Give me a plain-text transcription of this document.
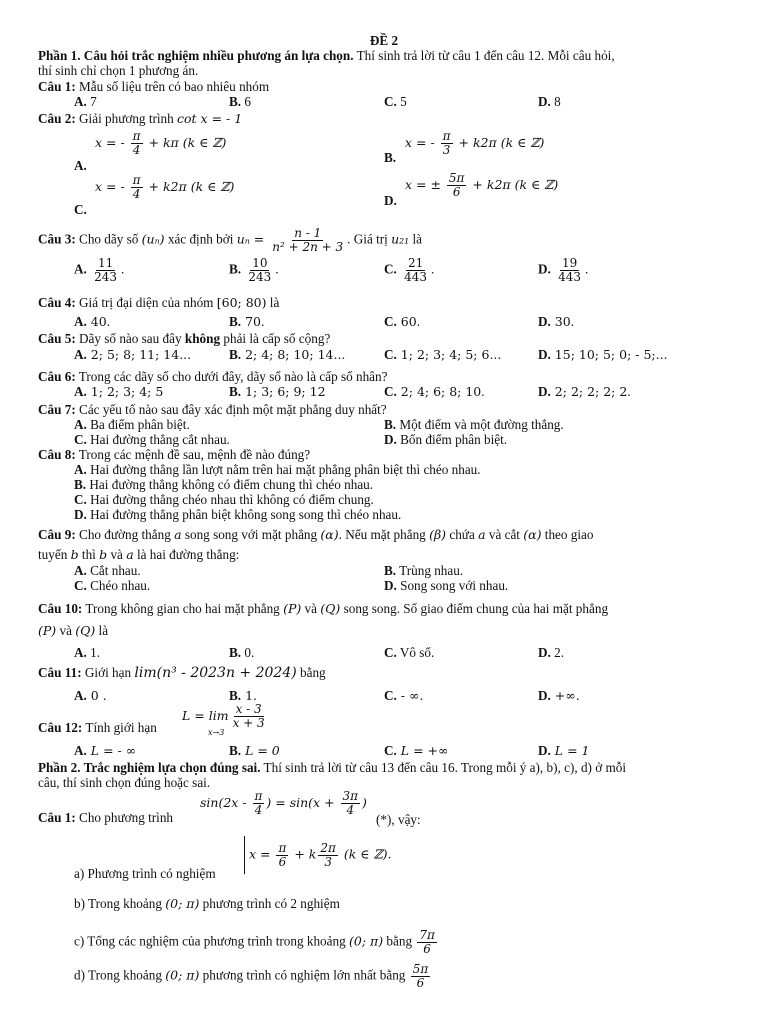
ĐỀ 2
Phần 1. Câu hỏi trắc nghiệm nhiều phương án lựa chọn. Thí sinh trả lời từ câu 1 đến câu 12. Mỗi câu hỏi,
thí sinh chỉ chọn 1 phương án.
Câu 1: Mẫu số liệu trên có bao nhiêu nhóm
A. 7	B. 6	C. 5	D. 8
Câu 2: Giải phương trình cot x = - 1
x = - $\frac{\pi}{4} + k\pi$ (k ∈ ℤ)
A.
x = - $\frac{\pi}{3} + k2\pi$ (k ∈ ℤ)
B.
x = - $\frac{\pi}{4} + k2\pi$ (k ∈ ℤ)
C.
x = ± $\frac{5\pi}{6} + k2\pi$ (k ∈ ℤ)
D.
Câu 3: Cho dãy số (uₙ) xác định bởi $u_n = \frac{n - 1}{\text{n² + 2n + 3}}$ . Giá trị u₂₁ là
A. $\frac{11}{243}$ .	B. $\frac{10}{243}$ .	C. $\frac{21}{443}$ .	D. $\frac{19}{443}$ .
Câu 4: Giá trị đại diện của nhóm [60; 80) là
A. 40.	B. 70.	C. 60.	D. 30.
Câu 5: Dãy số nào sau đây không phải là cấp số cộng?
A. 2; 5; 8; 11; 14...	B. 2; 4; 8; 10; 14...	C. 1; 2; 3; 4; 5; 6...	D. 15; 10; 5; 0; - 5;...
Câu 6: Trong các dãy số cho dưới đây, dãy số nào là cấp số nhân?
A. 1; 2; 3; 4; 5	B. 1; 3; 6; 9; 12	C. 2; 4; 6; 8; 10.	D. 2; 2; 2; 2; 2.
Câu 7: Các yếu tố nào sau đây xác định một mặt phẳng duy nhất?
A. Ba điểm phân biệt.	B. Một điểm và một đường thẳng.
C. Hai đường thẳng cắt nhau.	D. Bốn điểm phân biệt.
Câu 8: Trong các mệnh đề sau, mệnh đề nào đúng?
A. Hai đường thẳng lần lượt nằm trên hai mặt phẳng phân biệt thì chéo nhau.
B. Hai đường thẳng không có điểm chung thì chéo nhau.
C. Hai đường thẳng chéo nhau thì không có điểm chung.
D. Hai đường thẳng phân biệt không song song thì chéo nhau.
Câu 9: Cho đường thẳng a song song với mặt phẳng (α). Nếu mặt phẳng (β) chứa a và cắt (α) theo giao
tuyến b thì b và a là hai đường thẳng:
A. Cắt nhau.	B. Trùng nhau.
C. Chéo nhau.	D. Song song với nhau.
Câu 10: Trong không gian cho hai mặt phẳng (P) và (Q) song song. Số giao điểm chung của hai mặt phẳng
(P) và (Q) là
A. 1.	B. 0.	C. Vô số.	D. 2.
Câu 11: Giới hạn lim(n³ - 2023n + 2024) bằng
A. 0 .	B. 1.	C. - ∞.	D. +∞.
Câu 12: Tính giới hạn
$L = \lim \frac{x - 3}{x + 3}$
x→3
A. L = - ∞	B. L = 0	C. L = +∞	D. L = 1
Phần 2. Trắc nghiệm lựa chọn đúng sai. Thí sinh trả lời từ câu 13 đến câu 16. Trong mỗi ý a), b), c), d) ở mỗi
câu, thí sinh chọn đúng hoặc sai.
Câu 1: Cho phương trình
$\sin(2x - \frac{\pi}{4}$ ) = $\sin(x + \frac{3\pi}{4}$ )
(*), vậy:
a) Phương trình có nghiệm
$x = \frac{\pi}{6} + k \frac{2\pi}{3} (k$ ∈ ℤ).
b) Trong khoảng (0; π) phương trình có 2 nghiệm
c) Tổng các nghiệm của phương trình trong khoảng (0; π) bằng $\frac{7\pi}{6}$
d) Trong khoảng (0; π) phương trình có nghiệm lớn nhất bằng $\frac{5\pi}{6}$
